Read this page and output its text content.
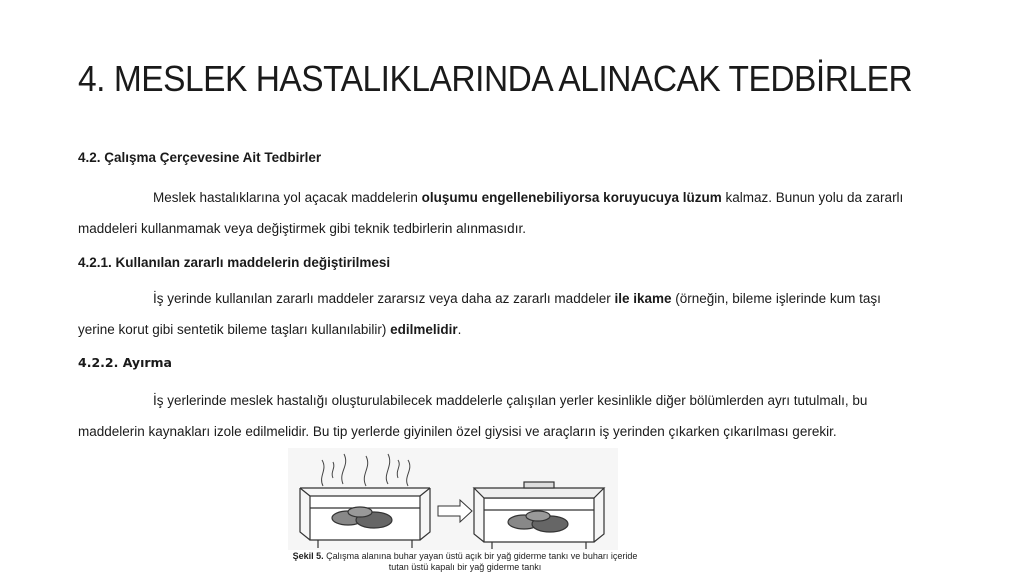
4. MESLEK HASTALIKLARINDA ALINACAK TEDBİRLER
4.2. Çalışma Çerçevesine Ait Tedbirler
Meslek hastalıklarına yol açacak maddelerin oluşumu engellenebiliyorsa koruyucuya lüzum kalmaz. Bunun yolu da zararlı
maddeleri kullanmamak veya değiştirmek gibi teknik tedbirlerin alınmasıdır.
4.2.1. Kullanılan zararlı maddelerin değiştirilmesi
İş yerinde kullanılan zararlı maddeler zararsız veya daha az zararlı maddeler ile ikame (örneğin, bileme işlerinde kum taşı
yerine korut gibi sentetik bileme taşları kullanılabilir) edilmelidir.
4.2.2. Ayırma
İş yerlerinde meslek hastalığı oluşturulabilecek maddelerle çalışılan yerler kesinlikle diğer bölümlerden ayrı tutulmalı, bu
maddelerin kaynakları izole edilmelidir. Bu tip yerlerde giyinilen özel giysisi ve araçların iş yerinden çıkarken çıkarılması gerekir.
Şekil 5. Çalışma alanına buhar yayan üstü açık bir yağ giderme tankı ve buharı içeride
tutan üstü kapalı bir yağ giderme tankı
